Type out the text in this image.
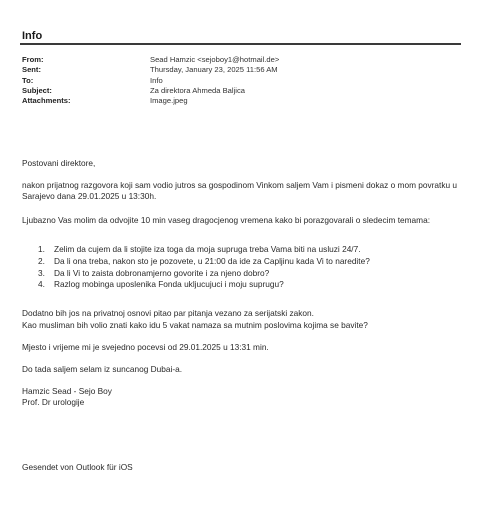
Info
From:	Sead Hamzic <sejoboy1@hotmail.de>
Sent:	Thursday, January 23, 2025 11:56 AM
To:	Info
Subject:	Za direktora Ahmeda Baljica
Attachments:	Image.jpeg

Postovani direktore,

nakon prijatnog razgovora koji sam vodio jutros sa gospodinom Vinkom saljem Vam i pismeni dokaz o mom povratku u Sarajevo dana 29.01.2025 u 13:30h.

Ljubazno Vas molim da odvojite 10 min vaseg dragocjenog vremena kako bi porazgovarali o sledecim temama:

1.	Zelim da cujem da li stojite iza toga da moja supruga treba Vama biti na usluzi 24/7.
2.	Da li ona treba, nakon sto je pozovete, u 21:00 da ide za Capljinu kada Vi to naredite?
3.	Da li Vi to zaista dobronamjerno govorite i za njeno dobro?
4.	Razlog mobinga uposlenika Fonda ukljucujuci i moju suprugu?

Dodatno bih jos na privatnoj osnovi pitao par pitanja vezano za serijatski zakon.

Kao musliman bih volio znati kako idu 5 vakat namaza sa mutnim poslovima kojima se bavite?

Mjesto i vrijeme mi je svejedno pocevsi od 29.01.2025 u 13:31 min.

Do tada saljem selam iz suncanog Dubai-a.

Hamzic Sead - Sejo Boy

Prof. Dr urologije

Gesendet von Outlook für iOS
